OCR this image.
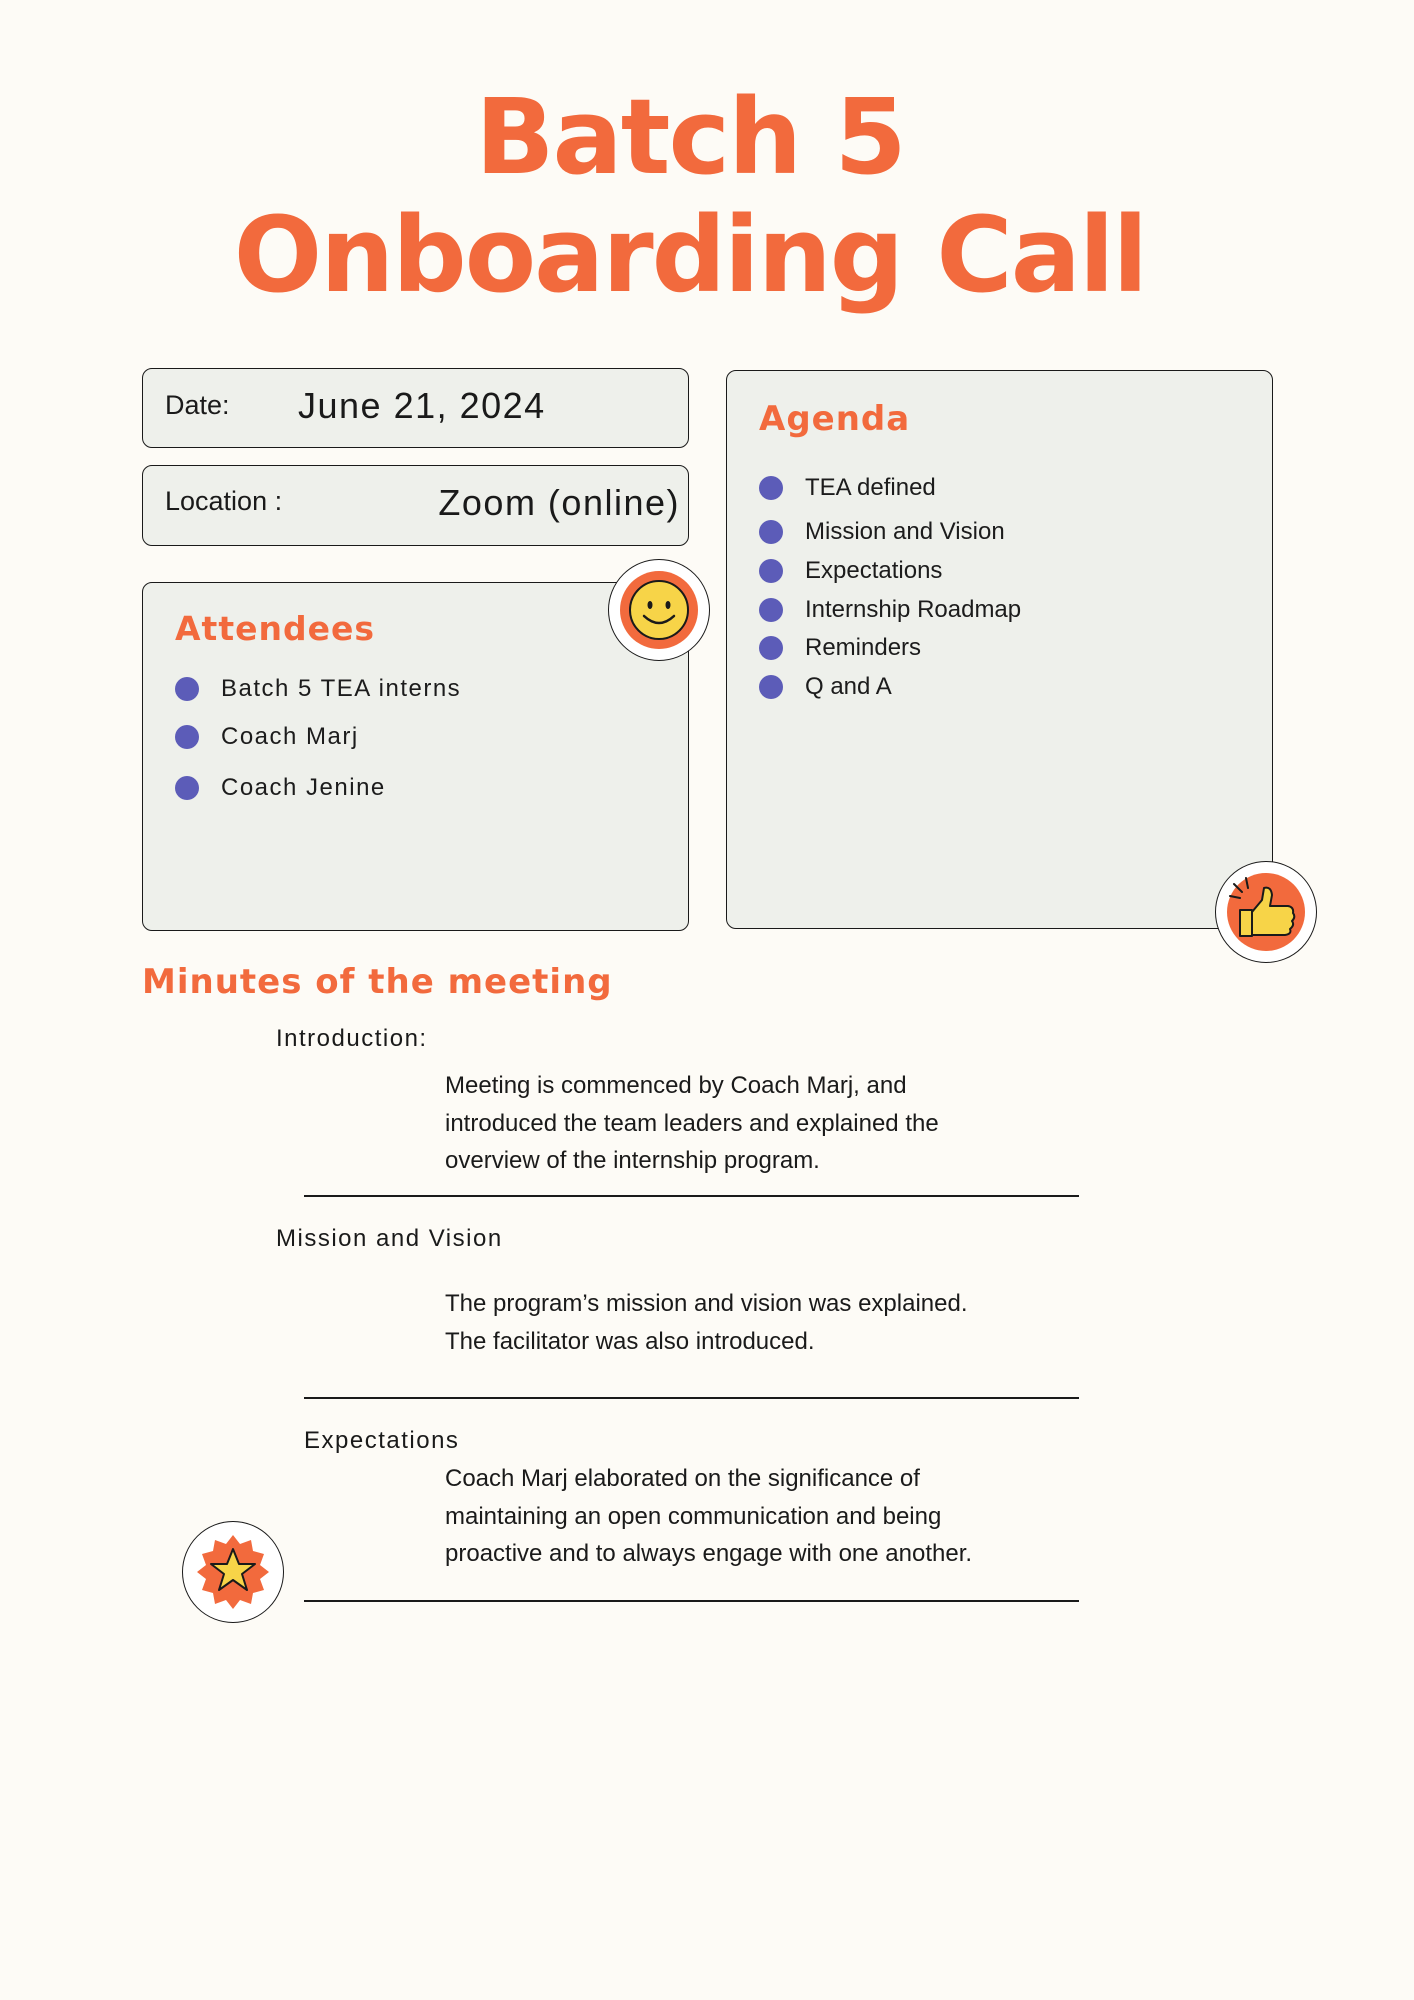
Batch 5
Onboarding Call
Date: June 21, 2024
Location :	Zoom (online)
Attendees
Batch 5 TEA interns
Coach Marj
Coach Jenine
Agenda
TEA defined
Mission and Vision
Expectations
Internship Roadmap
Reminders
Q and A
Minutes of the meeting
Introduction:
Meeting is commenced by Coach Marj, and
introduced the team leaders and explained the
overview of the internship program.
Mission and Vision
The program’s mission and vision was explained.
The facilitator was also introduced.
Expectations
Coach Marj elaborated on the significance of
maintaining an open communication and being
proactive and to always engage with one another.
